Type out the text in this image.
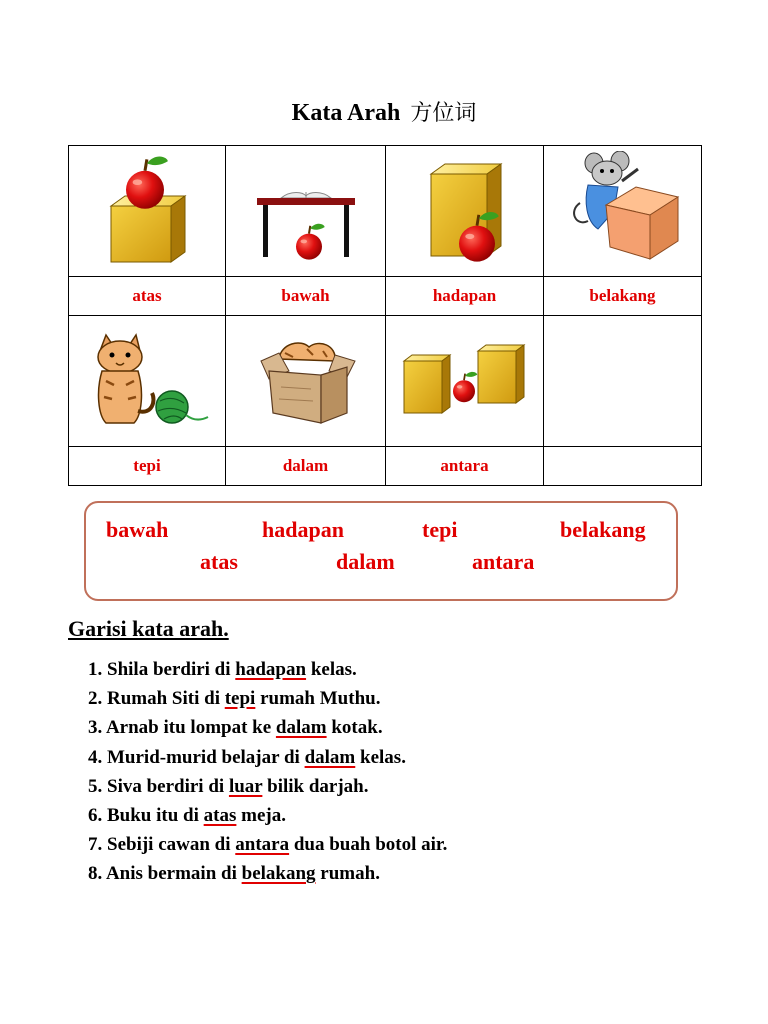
Kata Arah 方位词

atas	bawah	hadapan	belakang

tepi	dalam	antara	
bawah	hadapan	tepi	belakang
atas	dalam	antara
Garisi kata arah.
1. Shila berdiri di hadapan kelas.
2. Rumah Siti di tepi rumah Muthu.
3. Arnab itu lompat ke dalam kotak.
4. Murid-murid belajar di dalam kelas.
5. Siva berdiri di luar bilik darjah.
6. Buku itu di atas meja.
7. Sebiji cawan di antara dua buah botol air.
8. Anis bermain di belakang rumah.
